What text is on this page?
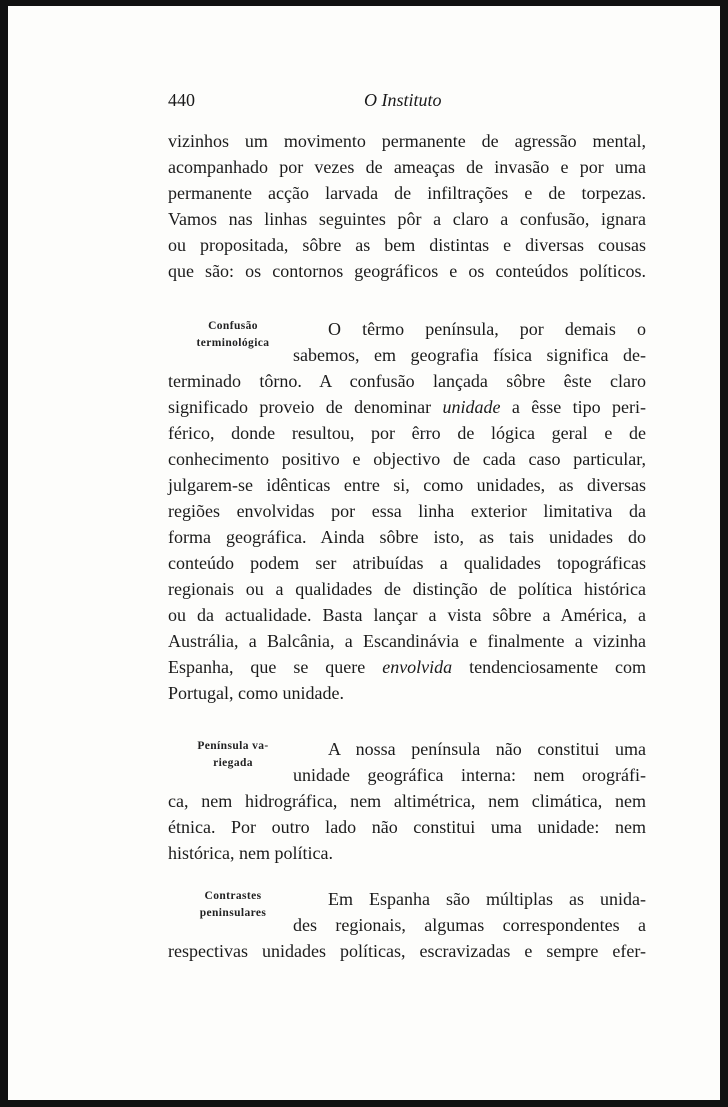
440	O Instituto
vizinhos um movimento permanente de agressão mental,
acompanhado por vezes de ameaças de invasão e por uma
permanente acção larvada de infiltrações e de torpezas.
Vamos nas linhas seguintes pôr a claro a confusão, ignara
ou propositada, sôbre as bem distintas e diversas cousas
que são: os contornos geográficos e os conteúdos políticos.
Confusão
terminológica
O têrmo península, por demais o
sabemos, em geografia física significa de-
terminado tôrno. A confusão lançada sôbre êste claro
significado proveio de denominar unidade a êsse tipo peri-
férico, donde resultou, por êrro de lógica geral e de
conhecimento positivo e objectivo de cada caso particular,
julgarem-se idênticas entre si, como unidades, as diversas
regiões envolvidas por essa linha exterior limitativa da
forma geográfica. Ainda sôbre isto, as tais unidades do
conteúdo podem ser atribuídas a qualidades topográficas
regionais ou a qualidades de distinção de política histórica
ou da actualidade. Basta lançar a vista sôbre a América, a
Austrália, a Balcânia, a Escandinávia e finalmente a vizinha
Espanha, que se quere envolvida tendenciosamente com
Portugal, como unidade.
Península va-
riegada
A nossa península não constitui uma
unidade geográfica interna: nem orográfi-
ca, nem hidrográfica, nem altimétrica, nem climática, nem
étnica. Por outro lado não constitui uma unidade: nem
histórica, nem política.
Contrastes
peninsulares
Em Espanha são múltiplas as unida-
des regionais, algumas correspondentes a
respectivas unidades políticas, escravizadas e sempre efer-
